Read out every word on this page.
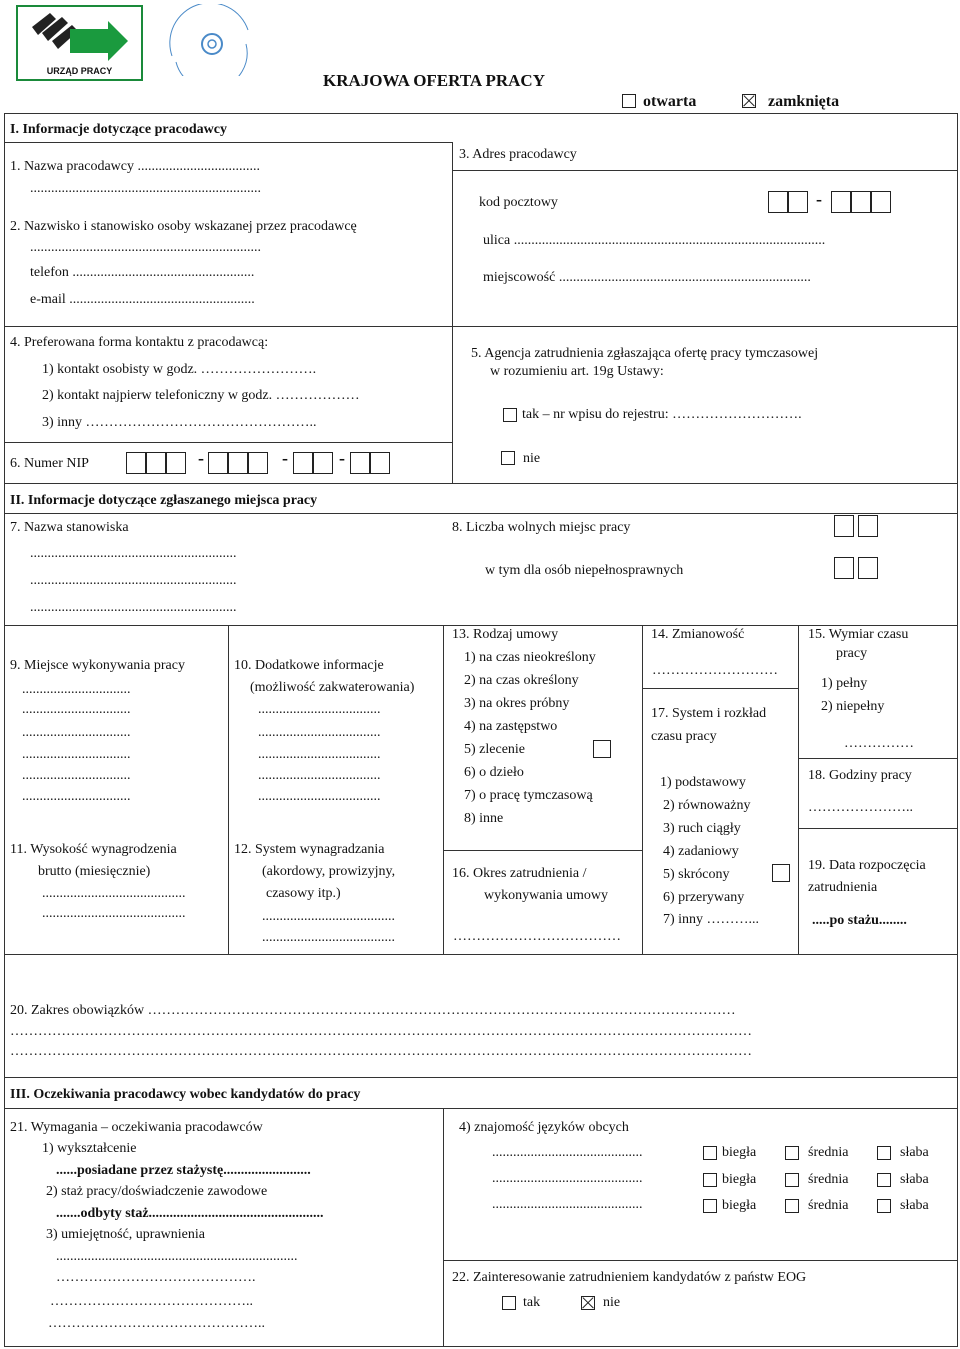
URZĄD PRACY	KRAJOWA OFERTA PRACY
otwarta	zamknięta
I. Informacje dotyczące pracodawcy
1. Nazwa pracodawcy ...................................
..................................................................
2. Nazwisko i stanowisko osoby wskazanej przez pracodawcę
..................................................................
telefon ....................................................
e-mail .....................................................
3. Adres pracodawcy
kod pocztowy	-
ulica .........................................................................................
miejscowość ........................................................................
4. Preferowana forma kontaktu z pracodawcą:
1) kontakt osobisty w godz. …………………….
2) kontakt najpierw telefoniczny w godz. ………………
3) inny …………………………………………..
5. Agencja zatrudnienia zgłaszająca ofertę pracy tymczasowej
w rozumieniu art. 19g Ustawy:
tak – nr wpisu do rejestru: ……………………….
nie
6. Numer NIP	-	-	-
II. Informacje dotyczące zgłaszanego miejsca pracy
7. Nazwa stanowiska
...........................................................
...........................................................
...........................................................
8. Liczba wolnych miejsc pracy
w tym dla osób niepełnosprawnych
9. Miejsce wykonywania pracy
...............................
...............................
...............................
...............................
...............................
...............................
10. Dodatkowe informacje
(możliwość zakwaterowania)
...................................
...................................
...................................
...................................
...................................
11. Wysokość wynagrodzenia
brutto (miesięcznie)
.........................................
.........................................
12. System wynagradzania
(akordowy, prowizyjny,
czasowy itp.)
......................................
......................................
13. Rodzaj umowy
1) na czas nieokreślony
2) na czas określony
3) na okres próbny
4) na zastępstwo
5) zlecenie
6) o dzieło
7) o pracę tymczasową
8) inne
16. Okres zatrudnienia /
wykonywania umowy
………………………………
14. Zmianowość
………………………
17. System i rozkład
czasu pracy
1) podstawowy
2) równoważny
3) ruch ciągły
4) zadaniowy
5) skrócony
6) przerywany
7) inny ………...
15. Wymiar czasu
pracy
1) pełny
2) niepełny
……………
18. Godziny pracy
…………………..
19. Data rozpoczęcia
zatrudnienia
.....po stażu........
20. Zakres obowiązków ………………………………………………………………………………………………………………
……………………………………………………………………………………………………………………………………………
……………………………………………………………………………………………………………………………………………
III. Oczekiwania pracodawcy wobec kandydatów do pracy
21. Wymagania – oczekiwania pracodawców
1) wykształcenie
......posiadane przez stażystę.........................
2) staż pracy/doświadczenie zawodowe
.......odbyty staż..................................................
3) umiejętność, uprawnienia
.....................................................................
…………………………………….
……………………………………..
………………………………………..
4) znajomość języków obcych
...........................................	biegła	średnia	słaba
...........................................	biegła	średnia	słaba
...........................................	biegła	średnia	słaba
22. Zainteresowanie zatrudnieniem kandydatów z państw EOG
tak	nie
